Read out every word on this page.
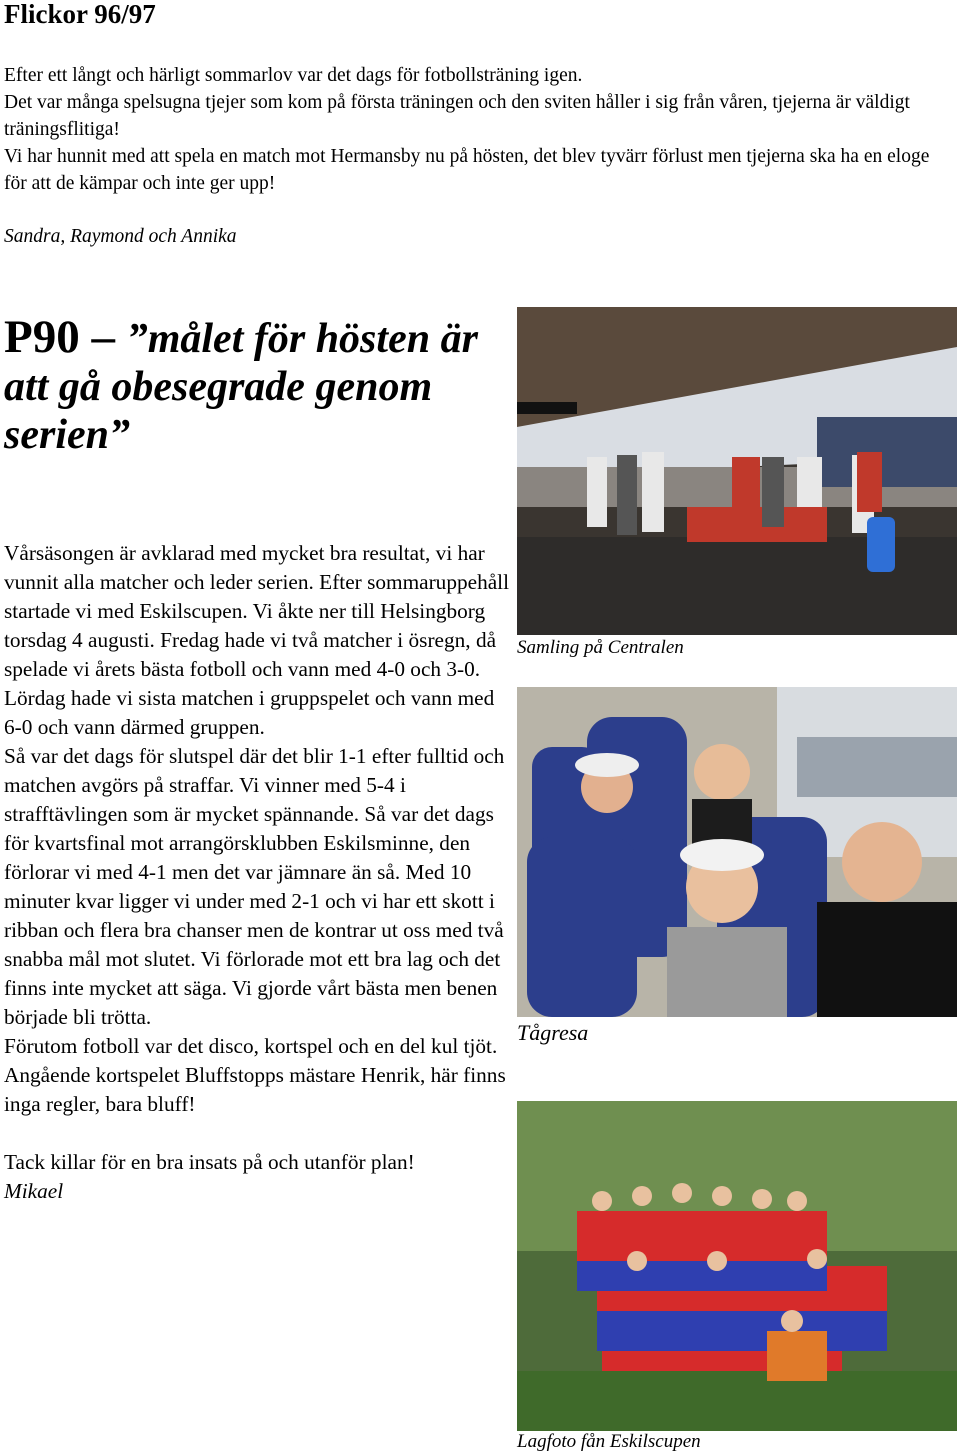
Flickor 96/97

Efter ett långt och härligt sommarlov var det dags för fotbollsträning igen.

Det var många spelsugna tjejer som kom på första träningen och den sviten håller i sig från våren, tjejerna är väldigt träningsflitiga!

Vi har hunnit med att spela en match mot Hermansby nu på hösten, det blev tyvärr förlust men tjejerna ska ha en eloge för att de kämpar och inte ger upp!

Sandra, Raymond och Annika

P90 – ”målet för hösten är att gå obesegrade genom serien”

Vårsäsongen är avklarad med mycket bra resultat, vi har vunnit alla matcher och leder serien. Efter sommaruppehåll startade vi med Eskilscupen. Vi åkte ner till Helsingborg torsdag 4 augusti. Fredag hade vi två matcher i ösregn, då spelade vi årets bästa fotboll och vann med 4-0 och 3-0. Lördag hade vi sista matchen i gruppspelet och vann med 6-0 och vann därmed gruppen.

Så var det dags för slutspel där det blir 1-1 efter fulltid och matchen avgörs på straffar. Vi vinner med 5-4 i strafftävlingen som är mycket spännande. Så var det dags för kvartsfinal mot arrangörsklubben Eskilsminne, den förlorar vi med 4-1 men det var jämnare än så. Med 10 minuter kvar ligger vi under med 2-1 och vi har ett skott i ribban och flera bra chanser men de kontrar ut oss med två snabba mål mot slutet. Vi förlorade mot ett bra lag och det finns inte mycket att säga. Vi gjorde vårt bästa men benen började bli trötta.

Förutom fotboll var det disco, kortspel och en del kul tjöt. Angående kortspelet Bluffstopps mästare Henrik, här finns inga regler, bara bluff!

Tack killar för en bra insats på och utanför plan!

Mikael

Samling på Centralen

Tågresa

Lagfoto fån Eskilscupen
